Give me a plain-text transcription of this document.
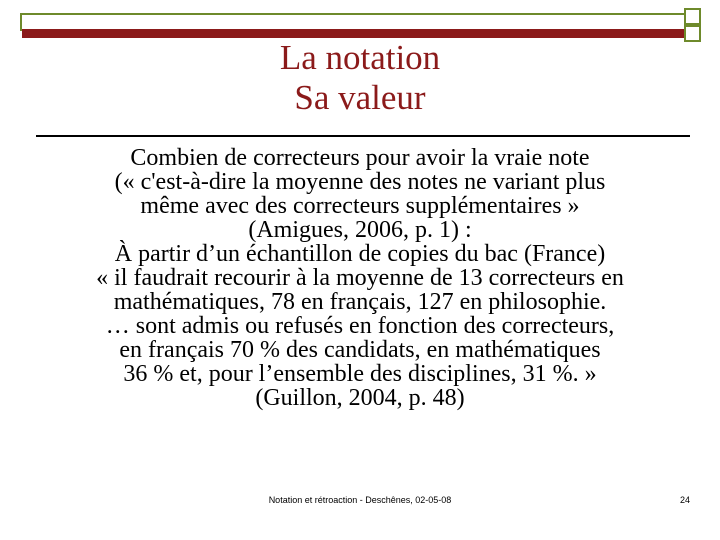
La notation
Sa valeur

Combien de correcteurs pour avoir la vraie note

(« c'est-à-dire la moyenne des notes ne variant plus

même avec des correcteurs supplémentaires »

(Amigues, 2006, p. 1) :

À partir d’un échantillon de copies du bac (France)

« il faudrait recourir à la moyenne de 13 correcteurs en

mathématiques, 78 en français, 127 en philosophie.

… sont admis ou refusés en fonction des correcteurs,

en français 70 % des candidats, en mathématiques

36 % et, pour l’ensemble des disciplines, 31 %. »

(Guillon, 2004, p. 48)

Notation et rétroaction - Deschênes, 02-05-08	24
